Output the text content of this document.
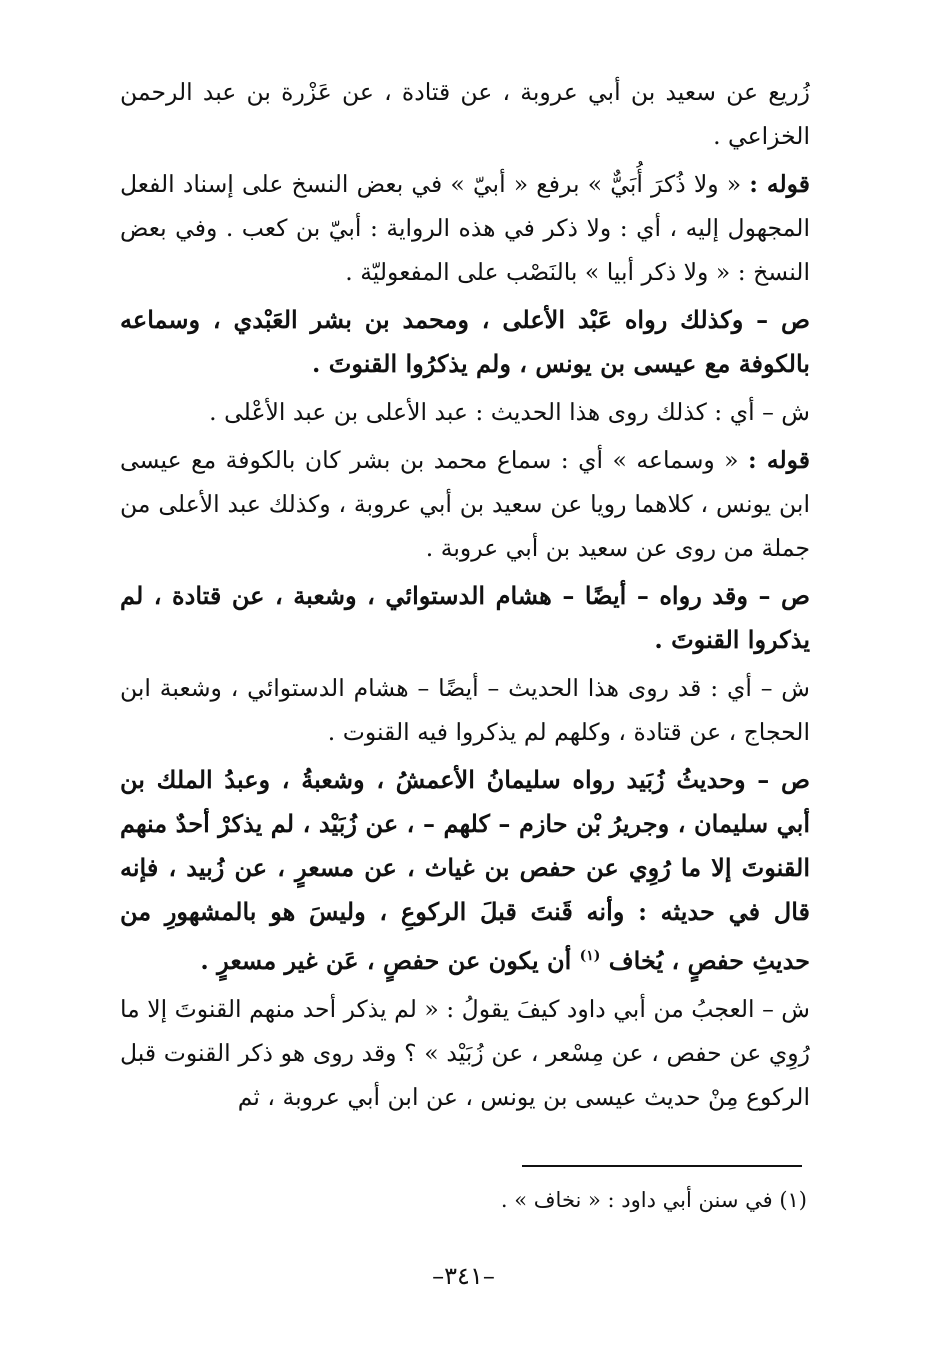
زُريع عن سعيد بن أبي عروبة ، عن قتادة ، عن عَزْرة بن عبد الرحمن الخزاعي .

قوله : « ولا ذُكرَ أُبَيٌّ » برفع « أبيّ » في بعض النسخ على إسناد الفعل المجهول إليه ، أي : ولا ذكر في هذه الرواية : أبيّ بن كعب . وفي بعض النسخ : « ولا ذكر أبيا » بالنَصْب على المفعوليّة .

ص – وكذلك رواه عَبْد الأعلى ، ومحمد بن بشر العَبْدي ، وسماعه بالكوفة مع عيسى بن يونس ، ولم يذكرُوا القنوتَ .

ش – أي : كذلك روى هذا الحديث : عبد الأعلى بن عبد الأعْلى .

قوله : « وسماعه » أي : سماع محمد بن بشر كان بالكوفة مع عيسى ابن يونس ، كلاهما رويا عن سعيد بن أبي عروبة ، وكذلك عبد الأعلى من جملة من روى عن سعيد بن أبي عروبة .

ص – وقد رواه – أيضًا – هشام الدستوائي ، وشعبة ، عن قتادة ، لم يذكروا القنوتَ .

ش – أي : قد روى هذا الحديث – أيضًا – هشام الدستوائي ، وشعبة ابن الحجاج ، عن قتادة ، وكلهم لم يذكروا فيه القنوت .

ص – وحديثُ زُبَيد رواه سليمانُ الأعمشُ ، وشعبةُ ، وعبدُ الملك بن أبي سليمان ، وجريرُ بْن حازم – كلهم – ، عن زُبَيْد ، لم يذكرْ أحدٌ منهم القنوتَ إلا ما رُوِي عن حفص بن غياث ، عن مسعرٍ ، عن زُبيد ، فإنه قال في حديثه : وأنه قَنتَ قبلَ الركوعِ ، وليسَ هو بالمشهورِ من حديثِ حفصٍ ، يُخاف $^{(١)}$ أن يكون عن حفصٍ ، عَن غير مسعرٍ .

ش – العجبُ من أبي داود كيفَ يقولُ : « لم يذكر أحد منهم القنوتَ إلا ما رُوِي عن حفص ، عن مِسْعر ، عن زُبَيْد » ؟ وقد روى هو ذكر القنوت قبل الركوع مِنْ حديث عيسى بن يونس ، عن ابن أبي عروبة ، ثم

(١) في سنن أبي داود : « نخاف » .
–٣٤١–
